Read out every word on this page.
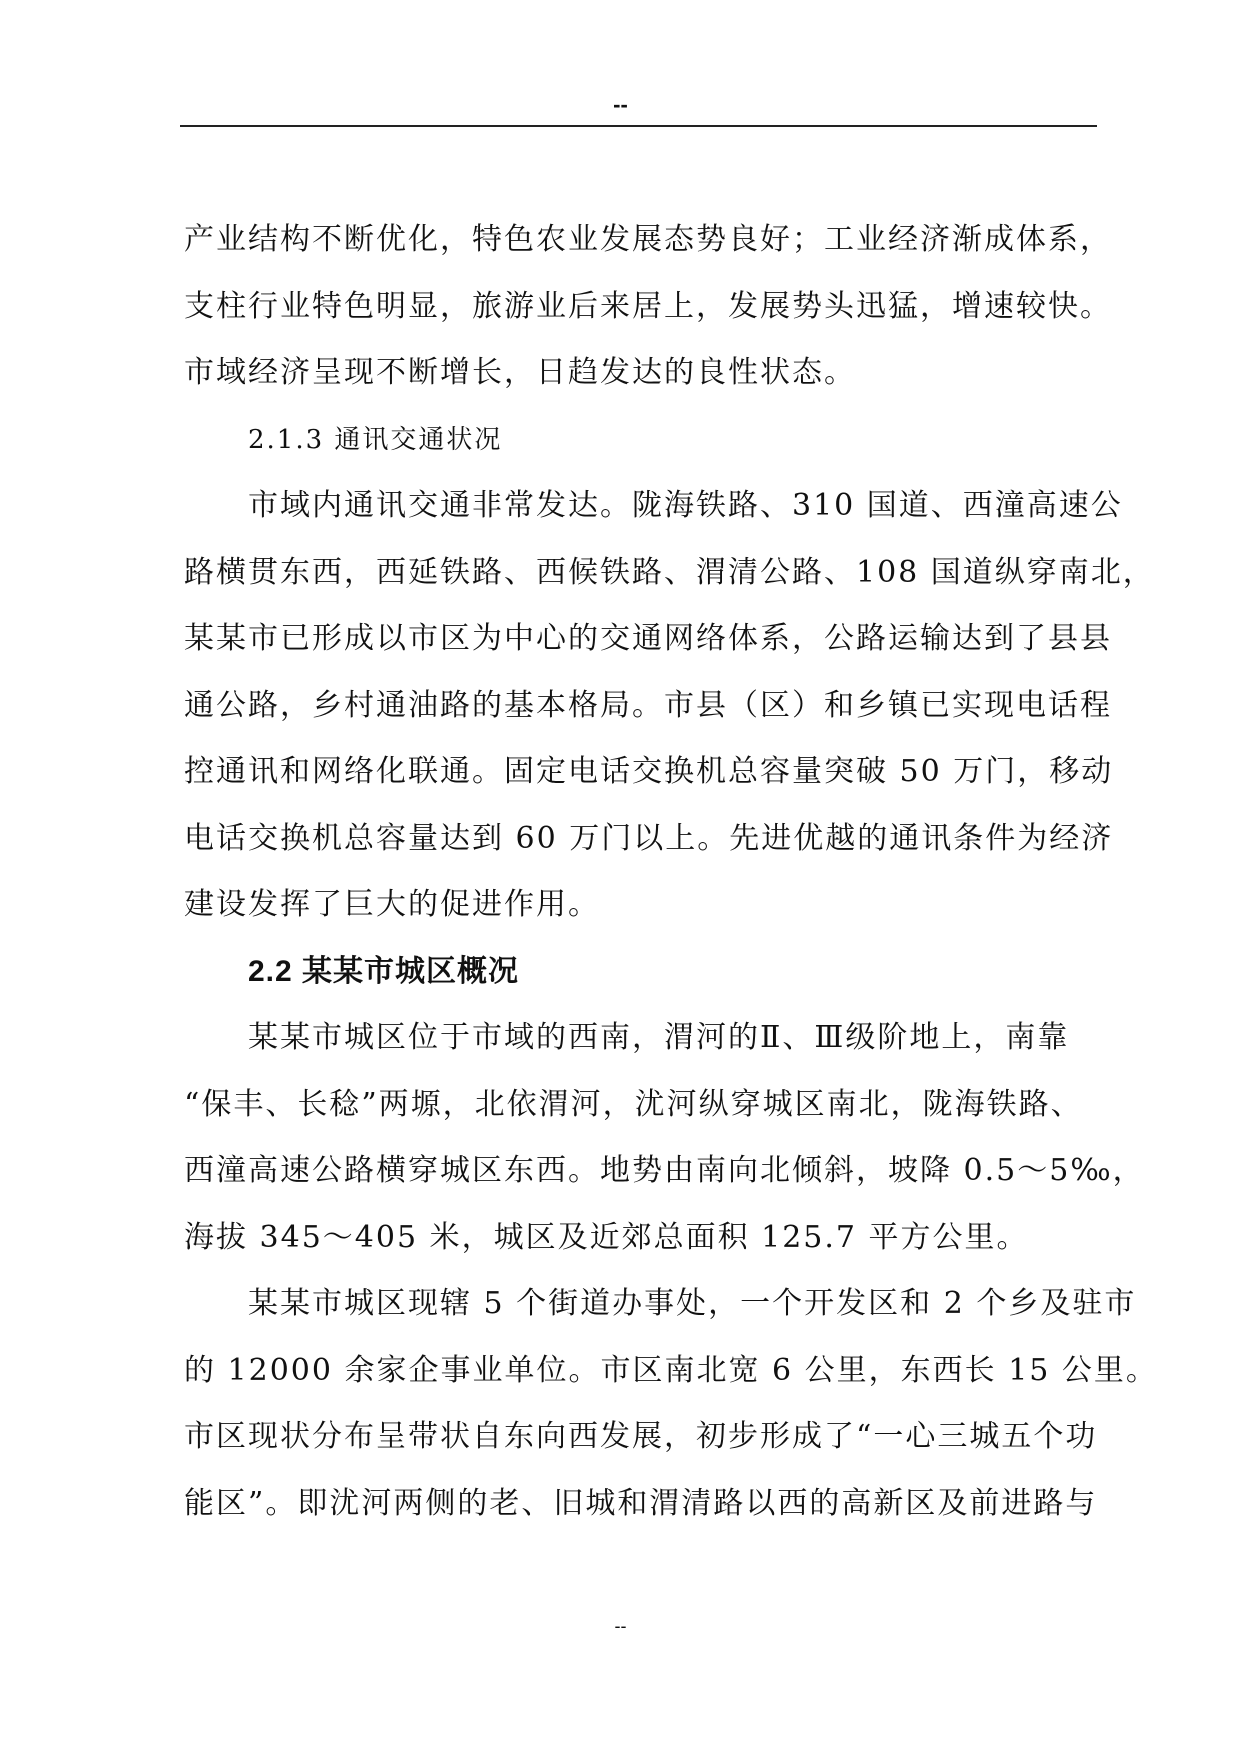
--
产业结构不断优化，特色农业发展态势良好；工业经济渐成体系，
支柱行业特色明显，旅游业后来居上，发展势头迅猛，增速较快。
市域经济呈现不断增长，日趋发达的良性状态。
2.1.3 通讯交通状况
市域内通讯交通非常发达。陇海铁路、310 国道、西潼高速公
路横贯东西，西延铁路、西候铁路、渭清公路、108 国道纵穿南北，
某某市已形成以市区为中心的交通网络体系，公路运输达到了县县
通公路，乡村通油路的基本格局。市县（区）和乡镇已实现电话程
控通讯和网络化联通。固定电话交换机总容量突破 50 万门，移动
电话交换机总容量达到 60 万门以上。先进优越的通讯条件为经济
建设发挥了巨大的促进作用。
2.2 某某市城区概况
某某市城区位于市域的西南，渭河的Ⅱ、Ⅲ级阶地上，南靠
“保丰、长稔”两塬，北依渭河，沋河纵穿城区南北，陇海铁路、
西潼高速公路横穿城区东西。地势由南向北倾斜，坡降 0.5～5‰，
海拔 345～405 米，城区及近郊总面积 125.7 平方公里。
某某市城区现辖 5 个街道办事处，一个开发区和 2 个乡及驻市
的 12000 余家企事业单位。市区南北宽 6 公里，东西长 15 公里。
市区现状分布呈带状自东向西发展，初步形成了“一心三城五个功
能区”。即沋河两侧的老、旧城和渭清路以西的高新区及前进路与
--
